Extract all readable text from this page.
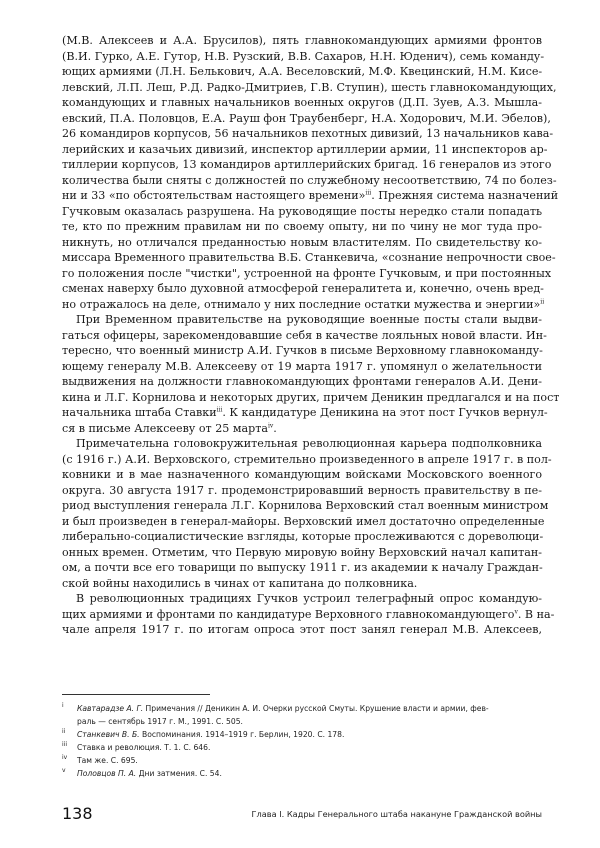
(М.В. Алексеев и А.А. Брусилов), пять главнокомандующих армиями фронтов
(В.И. Гурко, А.Е. Гутор, Н.В. Рузский, В.В. Сахаров, Н.Н. Юденич), семь команду-
ющих армиями (Л.Н. Белькович, А.А. Веселовский, М.Ф. Квецинский, Н.М. Кисе-
левский, Л.П. Леш, Р.Д. Радко-Дмитриев, Г.В. Ступин), шесть главнокомандующих,
командующих и главных начальников военных округов (Д.П. Зуев, А.З. Мышла-
евский, П.А. Половцов, Е.А. Рауш фон Траубенберг, Н.А. Ходорович, М.И. Эбелов),
26 командиров корпусов, 56 начальников пехотных дивизий, 13 начальников кава-
лерийских и казачьих дивизий, инспектор артиллерии армии, 11 инспекторов ар-
тиллерии корпусов, 13 командиров артиллерийских бригад. 16 генералов из этого
количества были сняты с должностей по служебному несоответствию, 74 по болез-
ни и 33 «по обстоятельствам настоящего времени»$^{iii}$. Прежняя система назначений
Гучковым оказалась разрушена. На руководящие посты нередко стали попадать
те, кто по прежним правилам ни по своему опыту, ни по чину не мог туда про-
никнуть, но отличался преданностью новым властителям. По свидетельству ко-
миссара Временного правительства В.Б. Станкевича, «сознание непрочности свое-
го положения после "чистки", устроенной на фронте Гучковым, и при постоянных
сменах наверху было духовной атмосферой генералитета и, конечно, очень вред-
но отражалось на деле, отнимало у них последние остатки мужества и энергии»$^{ii}$
При Временном правительстве на руководящие военные посты стали выдви-
гаться офицеры, зарекомендовавшие себя в качестве лояльных новой власти. Ин-
тересно, что военный министр А.И. Гучков в письме Верховному главнокоманду-
ющему генералу М.В. Алексееву от 19 марта 1917 г. упомянул о желательности
выдвижения на должности главнокомандующих фронтами генералов А.И. Дени-
кина и Л.Г. Корнилова и некоторых других, причем Деникин предлагался и на пост
начальника штаба Ставки$^{iii}$. К кандидатуре Деникина на этот пост Гучков вернул-
ся в письме Алексееву от 25 марта$^{iv}$.
Примечательна головокружительная революционная карьера подполковника
(с 1916 г.) А.И. Верховского, стремительно произведенного в апреле 1917 г. в пол-
ковники и в мае назначенного командующим войсками Московского военного
округа. 30 августа 1917 г. продемонстрировавший верность правительству в пе-
риод выступления генерала Л.Г. Корнилова Верховский стал военным министром
и был произведен в генерал-майоры. Верховский имел достаточно определенные
либерально-социалистические взгляды, которые прослеживаются с дореволюци-
онных времен. Отметим, что Первую мировую войну Верховский начал капитан-
ом, а почти все его товарищи по выпуску 1911 г. из академии к началу Граждан-
ской войны находились в чинах от капитана до полковника.
В революционных традициях Гучков устроил телеграфный опрос командую-
щих армиями и фронтами по кандидатуре Верховного главнокомандующего$^v$. В на-
чале апреля 1917 г. по итогам опроса этот пост занял генерал М.В. Алексеев,
i Кавтарадзе А. Г. Примечания // Деникин А. И. Очерки русской Смуты. Крушение власти и армии, фев-
раль — сентябрь 1917 г. М., 1991. С. 505.
ii Станкевич В. Б. Воспоминания. 1914–1919 г. Берлин, 1920. С. 178.
iii Ставка и революция. Т. 1. С. 646.
iv Там же. С. 695.
v Половцов П. А. Дни затмения. С. 54.
138	Глава I. Кадры Генерального штаба накануне Гражданской войны
